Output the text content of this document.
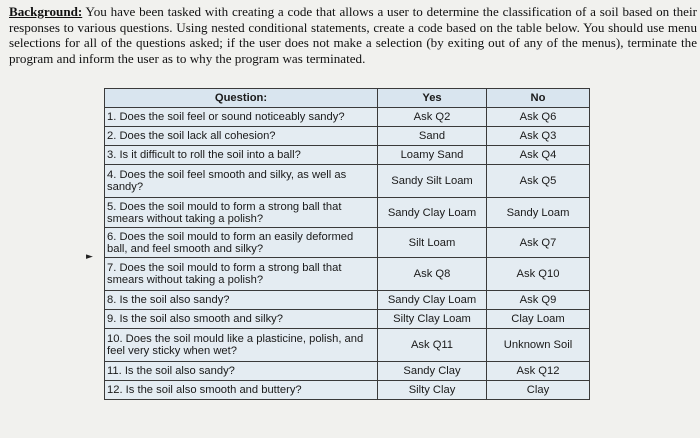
Background: You have been tasked with creating a code that allows a user to determine the classification of a soil based on their responses to various questions. Using nested conditional statements, create a code based on the table below. You should use menu selections for all of the questions asked; if the user does not make a selection (by exiting out of any of the menus), terminate the program and inform the user as to why the program was terminated.
►
Question:	Yes	No
1. Does the soil feel or sound noticeably sandy?	Ask Q2	Ask Q6
2. Does the soil lack all cohesion?	Sand	Ask Q3
3. Is it difficult to roll the soil into a ball?	Loamy Sand	Ask Q4
4. Does the soil feel smooth and silky, as well as sandy?	Sandy Silt Loam	Ask Q5
5. Does the soil mould to form a strong ball that smears without taking a polish?	Sandy Clay Loam	Sandy Loam
6. Does the soil mould to form an easily deformed ball, and feel smooth and silky?	Silt Loam	Ask Q7
7. Does the soil mould to form a strong ball that smears without taking a polish?	Ask Q8	Ask Q10
8. Is the soil also sandy?	Sandy Clay Loam	Ask Q9
9. Is the soil also smooth and silky?	Silty Clay Loam	Clay Loam
10. Does the soil mould like a plasticine, polish, and feel very sticky when wet?	Ask Q11	Unknown Soil
11. Is the soil also sandy?	Sandy Clay	Ask Q12
12. Is the soil also smooth and buttery?	Silty Clay	Clay
